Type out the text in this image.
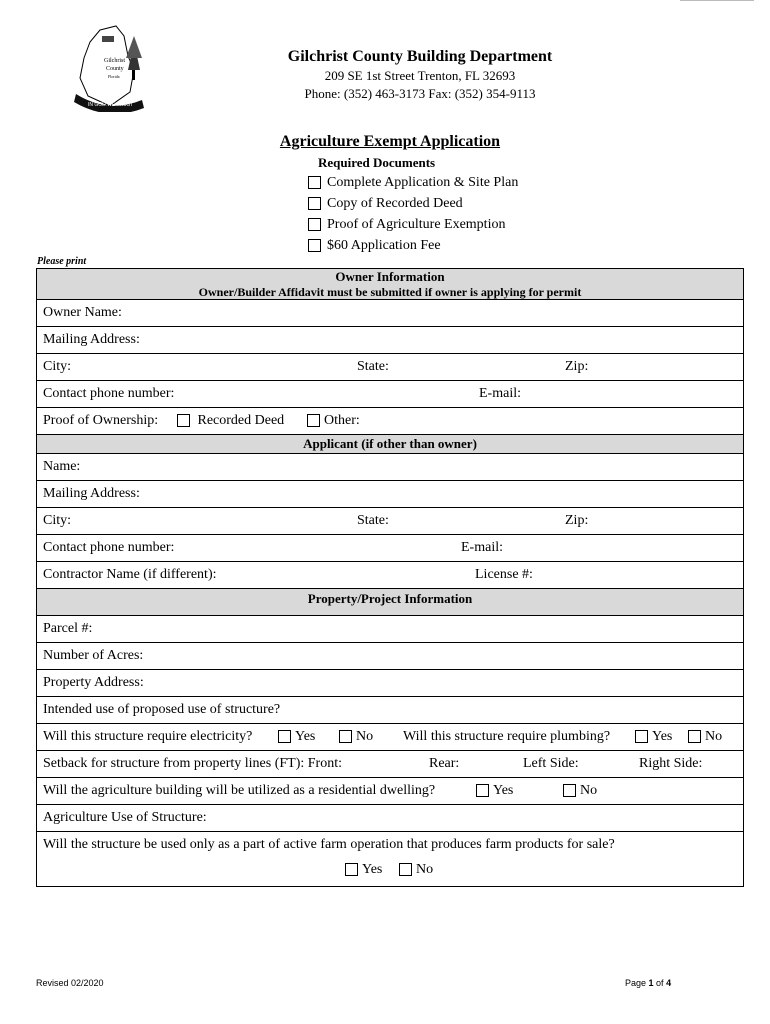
Gilchrist
County
Florida
IN GOD WE TRUST
Gilchrist County Building Department
209 SE 1st Street Trenton, FL 32693
Phone: (352) 463-3173 Fax: (352) 354-9113
Agriculture Exempt Application
Required Documents
Complete Application & Site Plan
Copy of Recorded Deed
Proof of Agriculture Exemption
$60 Application Fee
Please print
Owner Information
Owner/Builder Affidavit must be submitted if owner is applying for permit
Owner Name:
Mailing Address:
City:	State:	Zip:
Contact phone number:	E-mail:
Proof of Ownership:	Recorded Deed	Other:
Applicant (if other than owner)
Name:
Mailing Address:
City:	State:	Zip:
Contact phone number:	E-mail:
Contractor Name (if different):	License #:
Property/Project Information
Parcel #:
Number of Acres:
Property Address:
Intended use of proposed use of structure?
Will this structure require electricity?	Yes	No Will this structure require plumbing?	Yes	No
Setback for structure from property lines (FT): Front:	Rear:	Left Side:	Right Side:
Will the agriculture building will be utilized as a residential dwelling?	Yes	No
Agriculture Use of Structure:
Will the structure be used only as a part of active farm operation that produces farm products for sale?
Yes	No
Revised 02/2020	Page 1 of 4
